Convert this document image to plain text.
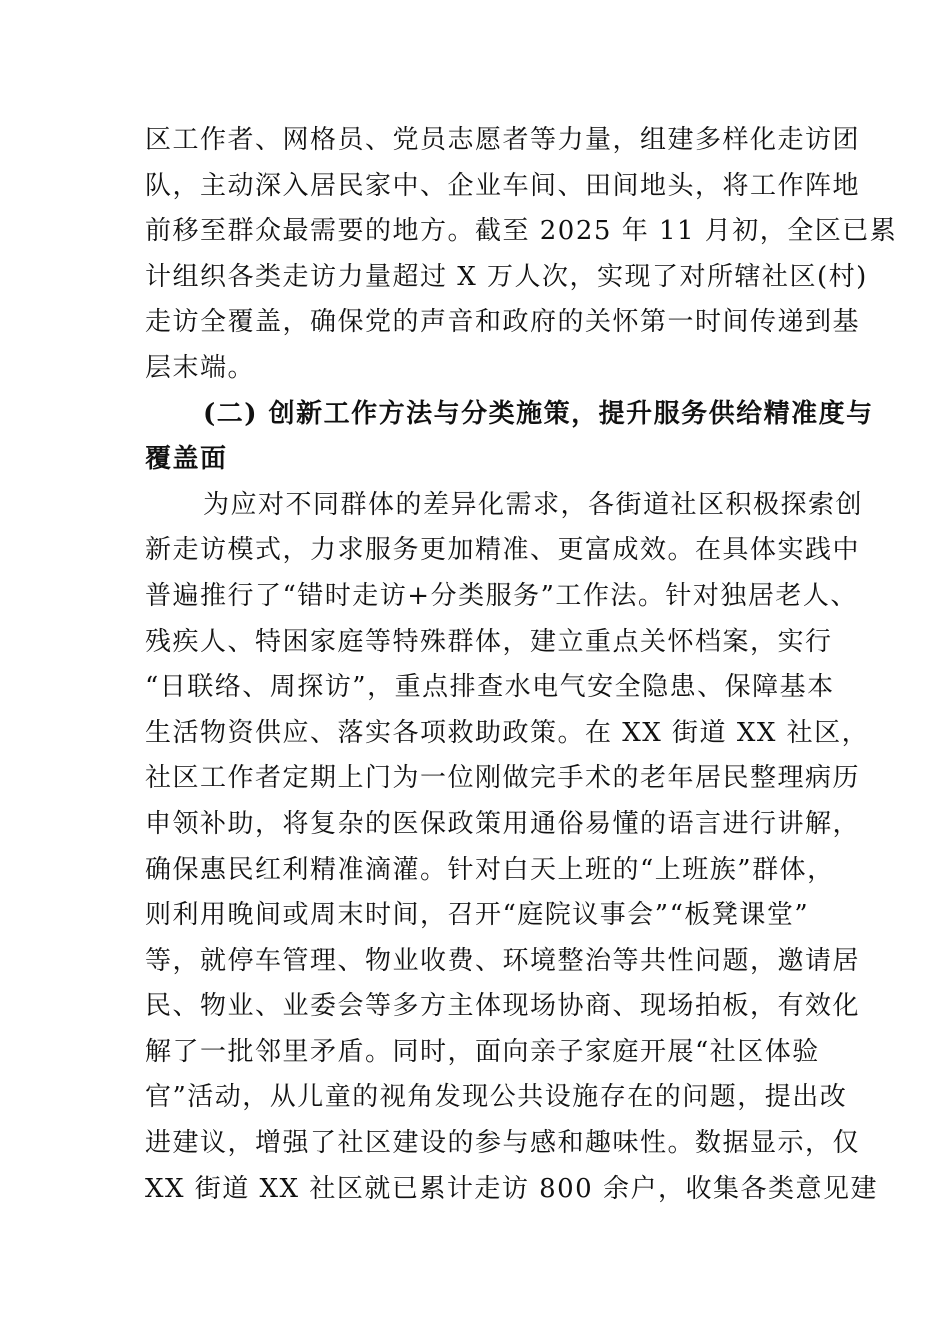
区工作者、网格员、党员志愿者等力量，组建多样化走访团
队，主动深入居民家中、企业车间、田间地头，将工作阵地
前移至群众最需要的地方。截至 2025 年 11 月初，全区已累
计组织各类走访力量超过 X 万人次，实现了对所辖社区(村)
走访全覆盖，确保党的声音和政府的关怀第一时间传递到基
层末端。
(二) 创新工作方法与分类施策，提升服务供给精准度与
覆盖面
为应对不同群体的差异化需求，各街道社区积极探索创
新走访模式，力求服务更加精准、更富成效。在具体实践中
普遍推行了“错时走访+分类服务”工作法。针对独居老人、
残疾人、特困家庭等特殊群体，建立重点关怀档案，实行
“日联络、周探访”，重点排查水电气安全隐患、保障基本
生活物资供应、落实各项救助政策。在 XX 街道 XX 社区，
社区工作者定期上门为一位刚做完手术的老年居民整理病历
申领补助，将复杂的医保政策用通俗易懂的语言进行讲解，
确保惠民红利精准滴灌。针对白天上班的“上班族”群体，
则利用晚间或周末时间，召开“庭院议事会”“板凳课堂”
等，就停车管理、物业收费、环境整治等共性问题，邀请居
民、物业、业委会等多方主体现场协商、现场拍板，有效化
解了一批邻里矛盾。同时，面向亲子家庭开展“社区体验
官”活动，从儿童的视角发现公共设施存在的问题，提出改
进建议，增强了社区建设的参与感和趣味性。数据显示，仅
XX 街道 XX 社区就已累计走访 800 余户，收集各类意见建
